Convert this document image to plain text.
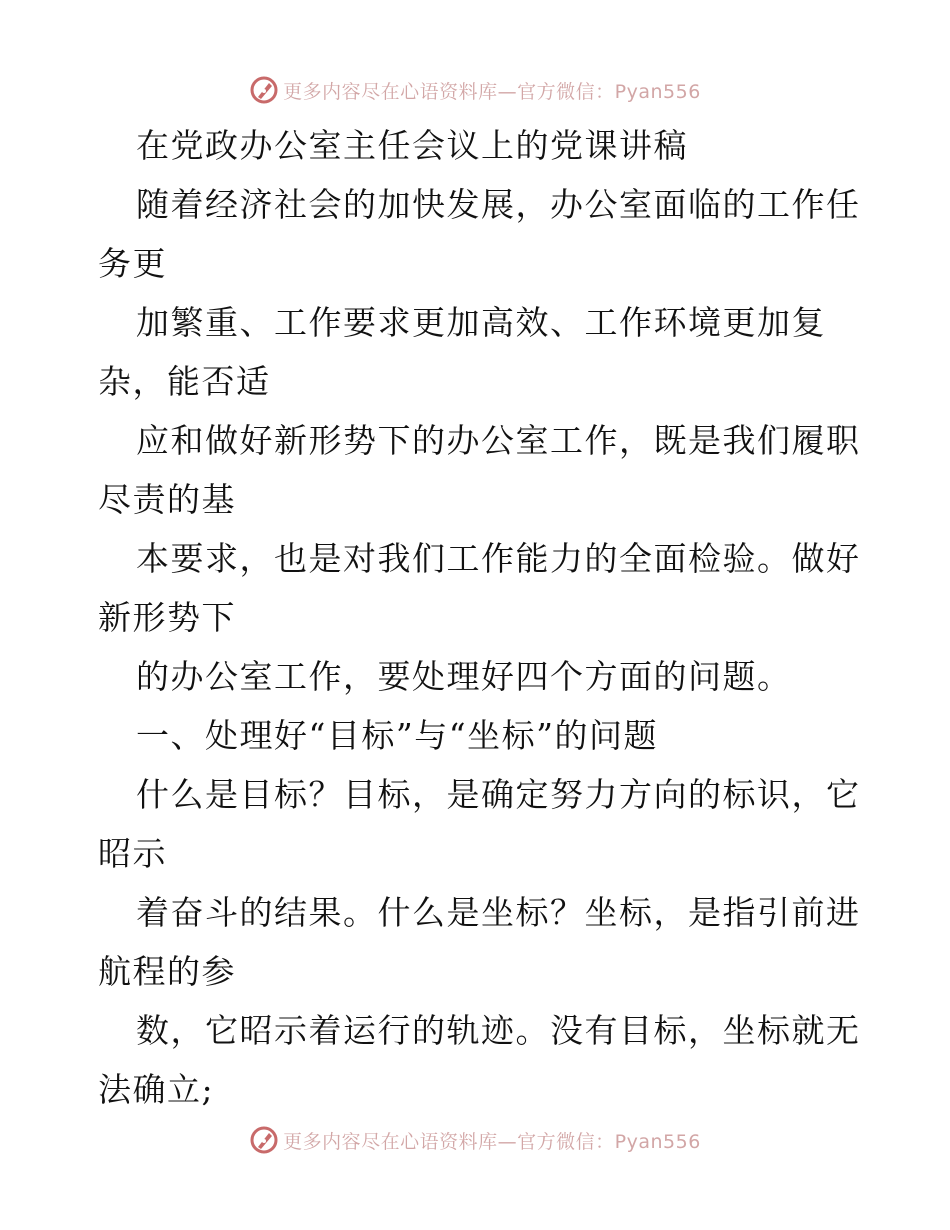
更多内容尽在心语资料库—官方微信：Pyan556
在党政办公室主任会议上的党课讲稿
随着经济社会的加快发展，办公室面临的工作任
务更
加繁重、工作要求更加高效、工作环境更加复
杂，能否适
应和做好新形势下的办公室工作，既是我们履职
尽责的基
本要求，也是对我们工作能力的全面检验。做好
新形势下
的办公室工作，要处理好四个方面的问题。
一、处理好“目标”与“坐标”的问题
什么是目标？目标，是确定努力方向的标识，它
昭示
着奋斗的结果。什么是坐标？坐标，是指引前进
航程的参
数，它昭示着运行的轨迹。没有目标，坐标就无
法确立;
更多内容尽在心语资料库—官方微信：Pyan556
